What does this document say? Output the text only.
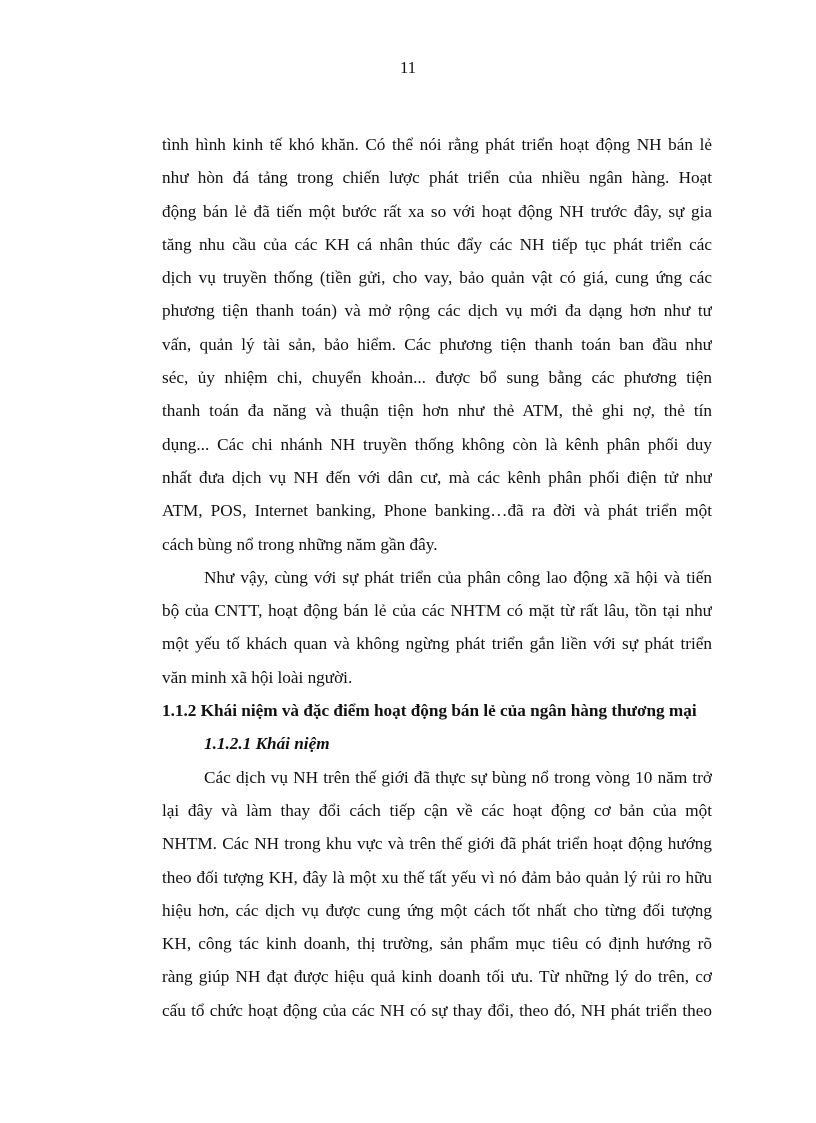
11
tình hình kinh tế khó khăn. Có thể nói rằng phát triển hoạt động NH bán lẻ
như hòn đá tảng trong chiến lược phát triển của nhiều ngân hàng. Hoạt
động bán lẻ đã tiến một bước rất xa so với hoạt động NH trước đây, sự gia
tăng nhu cầu của các KH cá nhân thúc đẩy các NH tiếp tục phát triển các
dịch vụ truyền thống (tiền gửi, cho vay, bảo quản vật có giá, cung ứng các
phương tiện thanh toán) và mở rộng các dịch vụ mới đa dạng hơn như tư
vấn, quản lý tài sản, bảo hiểm. Các phương tiện thanh toán ban đầu như
séc, ủy nhiệm chi, chuyển khoản... được bổ sung bằng các phương tiện
thanh toán đa năng và thuận tiện hơn như thẻ ATM, thẻ ghi nợ, thẻ tín
dụng... Các chi nhánh NH truyền thống không còn là kênh phân phối duy
nhất đưa dịch vụ NH đến với dân cư, mà các kênh phân phối điện tử như
ATM, POS, Internet banking, Phone banking…đã ra đời và phát triển một
cách bùng nổ trong những năm gần đây.
Như vậy, cùng với sự phát triển của phân công lao động xã hội và tiến
bộ của CNTT, hoạt động bán lẻ của các NHTM có mặt từ rất lâu, tồn tại như
một yếu tố khách quan và không ngừng phát triển gắn liền với sự phát triển
văn minh xã hội loài người.
1.1.2 Khái niệm và đặc điểm hoạt động bán lẻ của ngân hàng thương mại
1.1.2.1 Khái niệm
Các dịch vụ NH trên thế giới đã thực sự bùng nổ trong vòng 10 năm trở
lại đây và làm thay đổi cách tiếp cận về các hoạt động cơ bản của một
NHTM. Các NH trong khu vực và trên thế giới đã phát triển hoạt động hướng
theo đối tượng KH, đây là một xu thế tất yếu vì nó đảm bảo quản lý rủi ro hữu
hiệu hơn, các dịch vụ được cung ứng một cách tốt nhất cho từng đối tượng
KH, công tác kinh doanh, thị trường, sản phẩm mục tiêu có định hướng rõ
ràng giúp NH đạt được hiệu quả kinh doanh tối ưu. Từ những lý do trên, cơ
cấu tổ chức hoạt động của các NH có sự thay đổi, theo đó, NH phát triển theo
